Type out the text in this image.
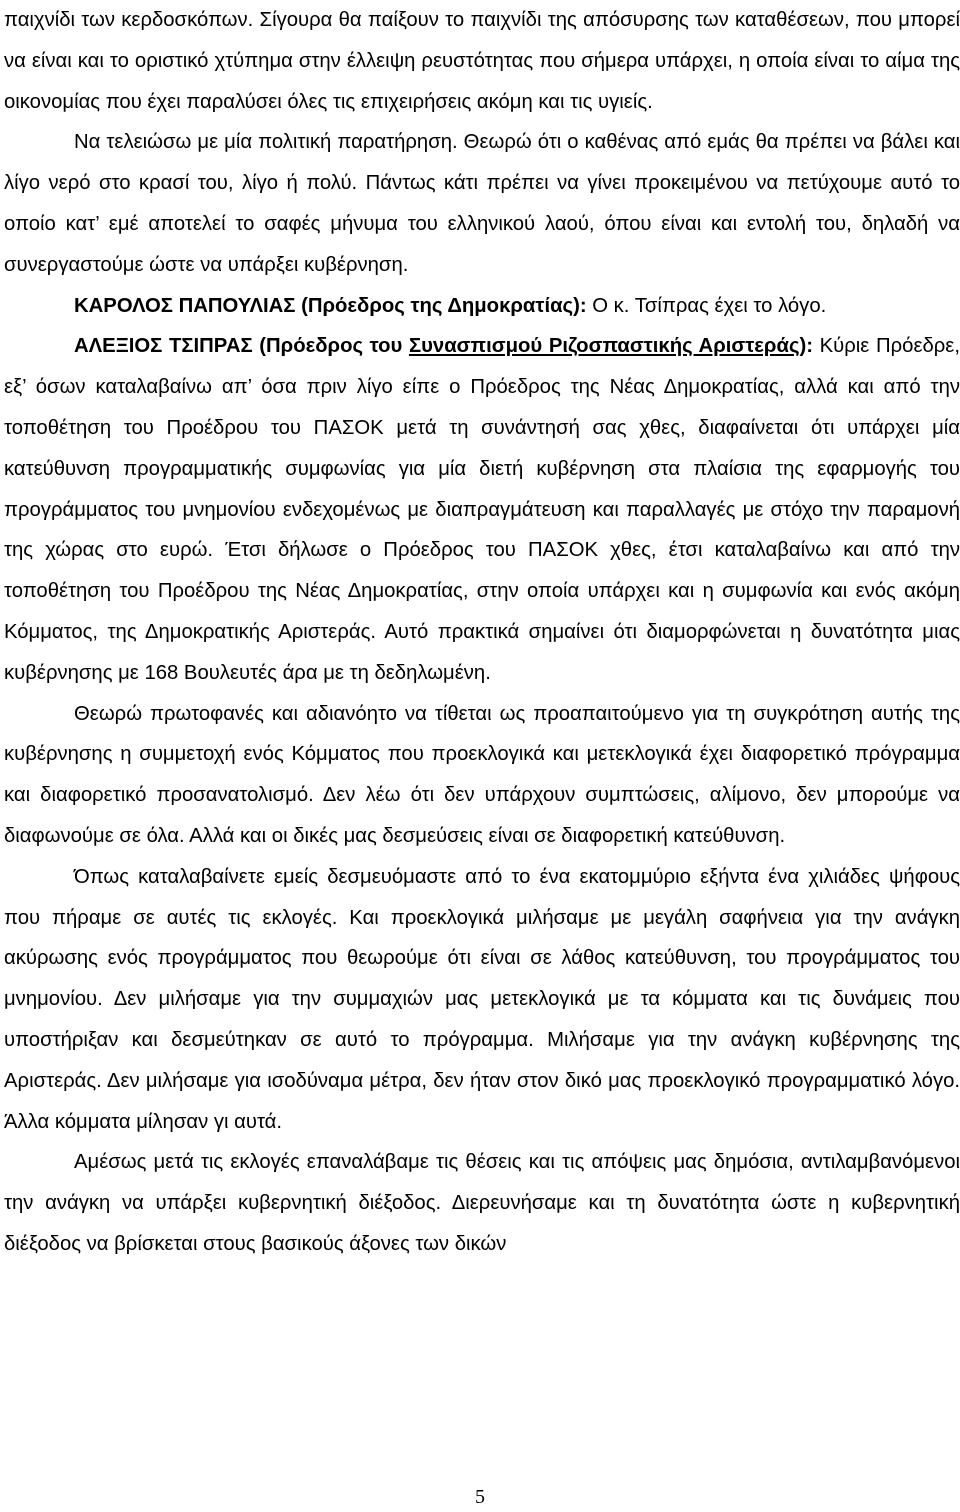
παιχνίδι των κερδοσκόπων. Σίγουρα θα παίξουν το παιχνίδι της απόσυρσης των καταθέσεων, που μπορεί να είναι και το οριστικό χτύπημα στην έλλειψη ρευστότητας που σήμερα υπάρχει, η οποία είναι το αίμα της οικονομίας που έχει παραλύσει όλες τις επιχειρήσεις ακόμη και τις υγιείς.

Να τελειώσω με μία πολιτική παρατήρηση. Θεωρώ ότι ο καθένας από εμάς θα πρέπει να βάλει και λίγο νερό στο κρασί του, λίγο ή πολύ. Πάντως κάτι πρέπει να γίνει προκειμένου να πετύχουμε αυτό το οποίο κατ’ εμέ αποτελεί το σαφές μήνυμα του ελληνικού λαού, όπου είναι και εντολή του, δηλαδή να συνεργαστούμε ώστε να υπάρξει κυβέρνηση.

ΚΑΡΟΛΟΣ ΠΑΠΟΥΛΙΑΣ (Πρόεδρος της Δημοκρατίας): Ο κ. Τσίπρας έχει το λόγο.

ΑΛΕΞΙΟΣ ΤΣΙΠΡΑΣ (Πρόεδρος του Συνασπισμού Ριζοσπαστικής Αριστεράς): Κύριε Πρόεδρε, εξ’ όσων καταλαβαίνω απ’ όσα πριν λίγο είπε ο Πρόεδρος της Νέας Δημοκρατίας, αλλά και από την τοποθέτηση του Προέδρου του ΠΑΣΟΚ μετά τη συνάντησή σας χθες, διαφαίνεται ότι υπάρχει μία κατεύθυνση προγραμματικής συμφωνίας για μία διετή κυβέρνηση στα πλαίσια της εφαρμογής του προγράμματος του μνημονίου ενδεχομένως με διαπραγμάτευση και παραλλαγές με στόχο την παραμονή της χώρας στο ευρώ. Έτσι δήλωσε ο Πρόεδρος του ΠΑΣΟΚ χθες, έτσι καταλαβαίνω και από την τοποθέτηση του Προέδρου της Νέας Δημοκρατίας, στην οποία υπάρχει και η συμφωνία και ενός ακόμη Κόμματος, της Δημοκρατικής Αριστεράς. Αυτό πρακτικά σημαίνει ότι διαμορφώνεται η δυνατότητα μιας κυβέρνησης με 168 Βουλευτές άρα με τη δεδηλωμένη.

Θεωρώ πρωτοφανές και αδιανόητο να τίθεται ως προαπαιτούμενο για τη συγκρότηση αυτής της κυβέρνησης η συμμετοχή ενός Κόμματος που προεκλογικά και μετεκλογικά έχει διαφορετικό πρόγραμμα και διαφορετικό προσανατολισμό. Δεν λέω ότι δεν υπάρχουν συμπτώσεις, αλίμονο, δεν μπορούμε να διαφωνούμε σε όλα. Αλλά και οι δικές μας δεσμεύσεις είναι σε διαφορετική κατεύθυνση.

Όπως καταλαβαίνετε εμείς δεσμευόμαστε από το ένα εκατομμύριο εξήντα ένα χιλιάδες ψήφους που πήραμε σε αυτές τις εκλογές. Και προεκλογικά μιλήσαμε με μεγάλη σαφήνεια για την ανάγκη ακύρωσης ενός προγράμματος που θεωρούμε ότι είναι σε λάθος κατεύθυνση, του προγράμματος του μνημονίου. Δεν μιλήσαμε για την συμμαχιών μας μετεκλογικά με τα κόμματα και τις δυνάμεις που υποστήριξαν και δεσμεύτηκαν σε αυτό το πρόγραμμα. Μιλήσαμε για την ανάγκη κυβέρνησης της Αριστεράς. Δεν μιλήσαμε για ισοδύναμα μέτρα, δεν ήταν στον δικό μας προεκλογικό προγραμματικό λόγο. Άλλα κόμματα μίλησαν γι αυτά.

Αμέσως μετά τις εκλογές επαναλάβαμε τις θέσεις και τις απόψεις μας δημόσια, αντιλαμβανόμενοι την ανάγκη να υπάρξει κυβερνητική διέξοδος. Διερευνήσαμε και τη δυνατότητα ώστε η κυβερνητική διέξοδος να βρίσκεται στους βασικούς άξονες των δικών

5
